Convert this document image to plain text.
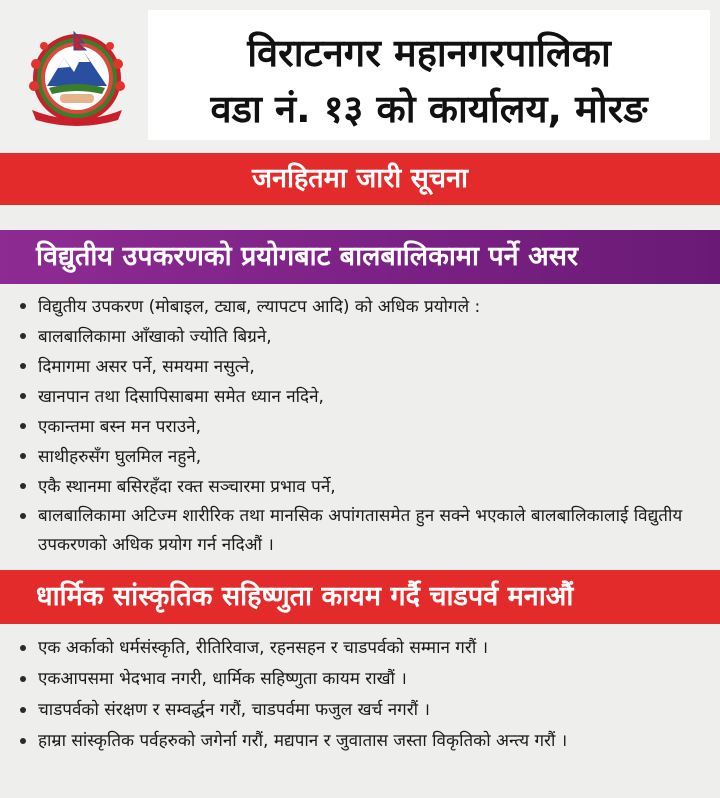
विराटनगर महानगरपालिका
वडा नं. १३ को कार्यालय, मोरङ
जनहितमा जारी सूचना
विद्युतीय उपकरणको प्रयोगबाट बालबालिकामा पर्ने असर
विद्युतीय उपकरण (मोबाइल, ट्याब, ल्यापटप आदि) को अधिक प्रयोगले :
बालबालिकामा आँखाको ज्योति बिग्रने,
दिमागमा असर पर्ने, समयमा नसुत्ने,
खानपान तथा दिसापिसाबमा समेत ध्यान नदिने,
एकान्तमा बस्न मन पराउने,
साथीहरुसँग घुलमिल नहुने,
एकै स्थानमा बसिरहँदा रक्त सञ्चारमा प्रभाव पर्ने,
बालबालिकामा अटिज्म शारीरिक तथा मानसिक अपांगतासमेत हुन सक्ने भएकाले बालबालिकालाई विद्युतीय उपकरणको अधिक प्रयोग गर्न नदिऔं ।
धार्मिक सांस्कृतिक सहिष्णुता कायम गर्दै चाडपर्व मनाऔं
एक अर्काको धर्मसंस्कृति, रीतिरिवाज, रहनसहन र चाडपर्वको सम्मान गरौं ।
एकआपसमा भेदभाव नगरी, धार्मिक सहिष्णुता कायम राखौं ।
चाडपर्वको संरक्षण र सम्वर्द्धन गरौं, चाडपर्वमा फजुल खर्च नगरौं ।
हाम्रा सांस्कृतिक पर्वहरुको जगेर्ना गरौं, मद्यपान र जुवातास जस्ता विकृतिको अन्त्य गरौं ।
